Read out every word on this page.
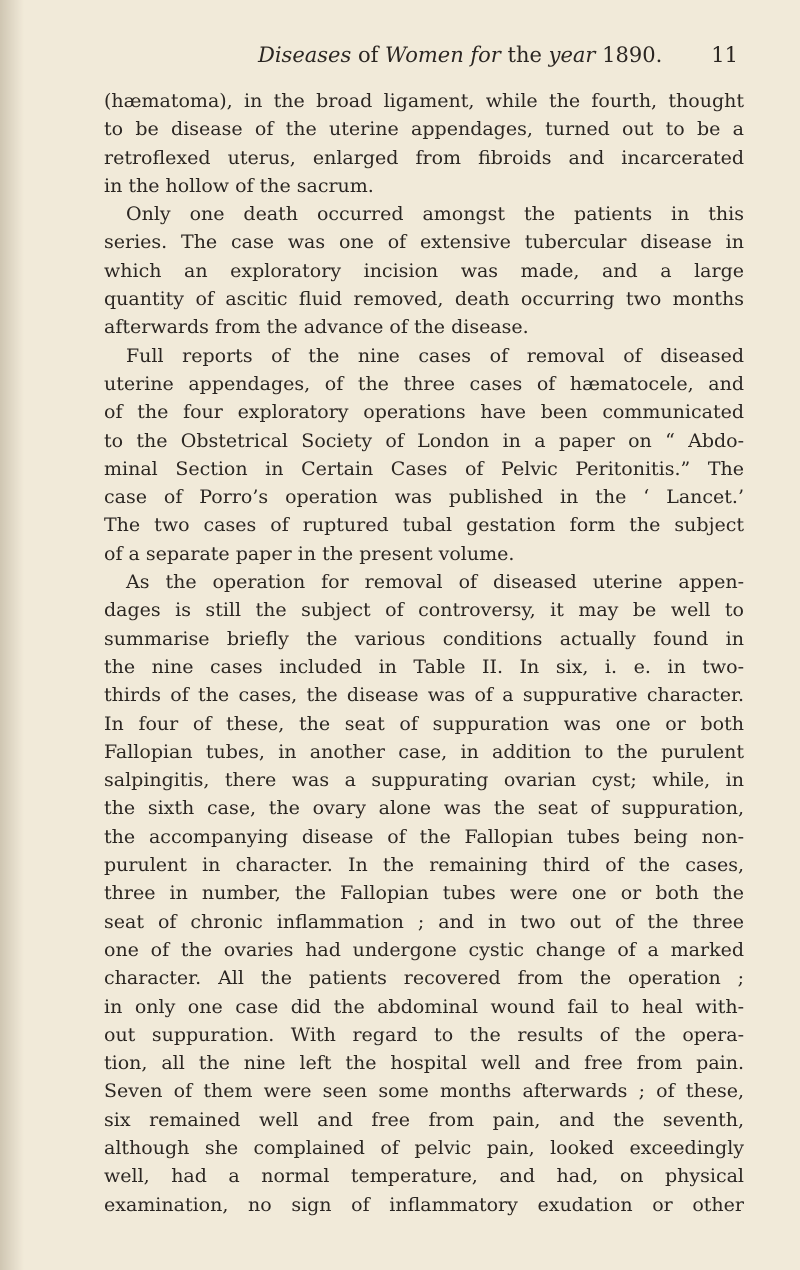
Diseases of Women for the year 1890. 11
(hæmatoma), in the broad ligament, while the fourth, thought
to be disease of the uterine appendages, turned out to be a
retroflexed uterus, enlarged from fibroids and incarcerated
in the hollow of the sacrum.
Only one death occurred amongst the patients in this
series. The case was one of extensive tubercular disease in
which an exploratory incision was made, and a large
quantity of ascitic fluid removed, death occurring two months
afterwards from the advance of the disease.
Full reports of the nine cases of removal of diseased
uterine appendages, of the three cases of hæmatocele, and
of the four exploratory operations have been communicated
to the Obstetrical Society of London in a paper on “ Abdo-
minal Section in Certain Cases of Pelvic Peritonitis.” The
case of Porro’s operation was published in the ‘ Lancet.’
The two cases of ruptured tubal gestation form the subject
of a separate paper in the present volume.
As the operation for removal of diseased uterine appen-
dages is still the subject of controversy, it may be well to
summarise briefly the various conditions actually found in
the nine cases included in Table II. In six, i. e. in two-
thirds of the cases, the disease was of a suppurative character.
In four of these, the seat of suppuration was one or both
Fallopian tubes, in another case, in addition to the purulent
salpingitis, there was a suppurating ovarian cyst; while, in
the sixth case, the ovary alone was the seat of suppuration,
the accompanying disease of the Fallopian tubes being non-
purulent in character. In the remaining third of the cases,
three in number, the Fallopian tubes were one or both the
seat of chronic inflammation ; and in two out of the three
one of the ovaries had undergone cystic change of a marked
character. All the patients recovered from the operation ;
in only one case did the abdominal wound fail to heal with-
out suppuration. With regard to the results of the opera-
tion, all the nine left the hospital well and free from pain.
Seven of them were seen some months afterwards ; of these,
six remained well and free from pain, and the seventh,
although she complained of pelvic pain, looked exceedingly
well, had a normal temperature, and had, on physical
examination, no sign of inflammatory exudation or other
